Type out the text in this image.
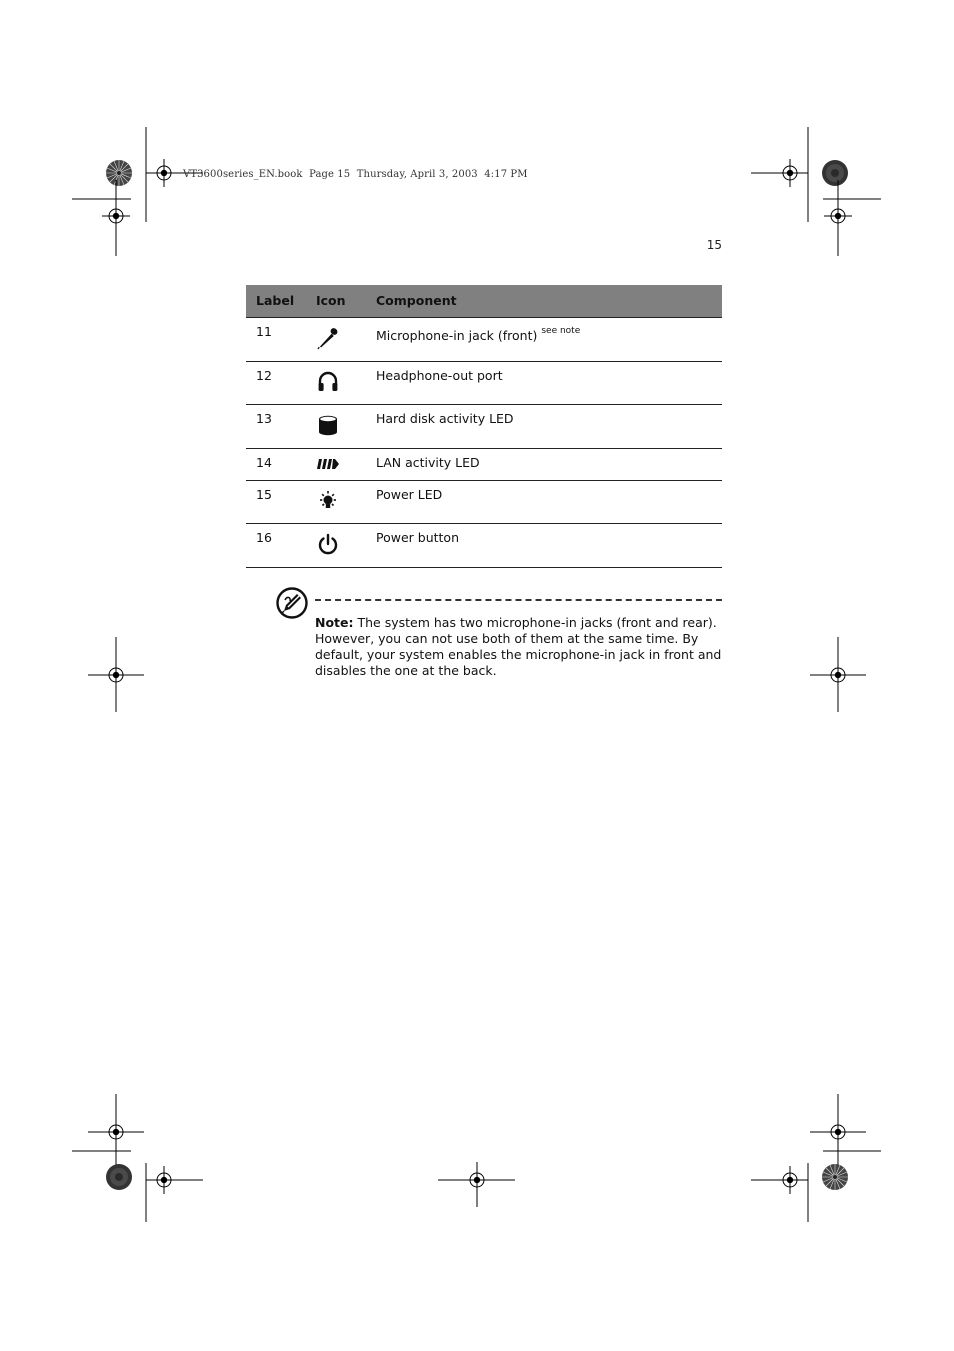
VT3600series_EN.book  Page 15  Thursday, April 3, 2003  4:17 PM
15
Label	Icon	Component
11		Microphone-in jack (front) $^{see note}$
12		Headphone-out port
13		Hard disk activity LED
14		LAN activity LED
15		Power LED
16		Power button
Note: The system has two microphone-in jacks (front and rear). However, you can not use both of them at the same time. By default, your system enables the microphone-in jack in front and disables the one at the back.
